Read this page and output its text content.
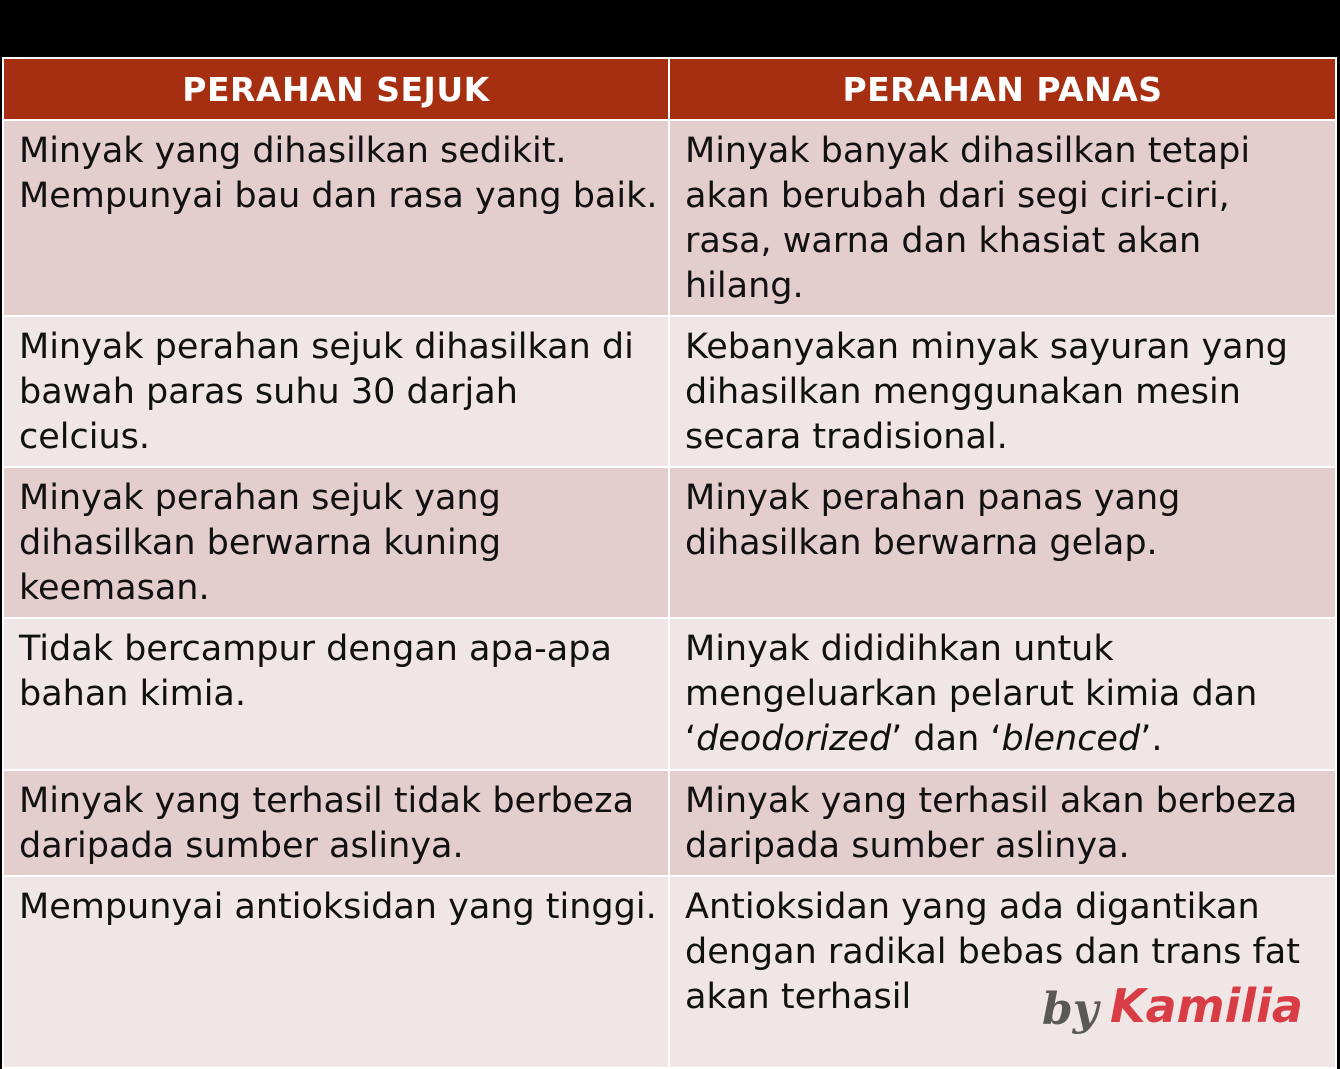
PERAHAN SEJUK	PERAHAN PANAS
Minyak yang dihasilkan sedikit. Mempunyai bau dan rasa yang baik.	Minyak banyak dihasilkan tetapi akan berubah dari segi ciri-ciri, rasa, warna dan khasiat akan hilang.
Minyak perahan sejuk dihasilkan di bawah paras suhu 30 darjah celcius.	Kebanyakan minyak sayuran yang dihasilkan menggunakan mesin secara tradisional.
Minyak perahan sejuk yang dihasilkan berwarna kuning keemasan.	Minyak perahan panas yang dihasilkan berwarna gelap.
Tidak bercampur dengan apa-apa bahan kimia.	Minyak dididihkan untuk mengeluarkan pelarut kimia dan ‘deodorized’ dan ‘blenced’.
Minyak yang terhasil tidak berbeza daripada sumber aslinya.	Minyak yang terhasil akan berbeza daripada sumber aslinya.
Mempunyai antioksidan yang tinggi.	Antioksidan yang ada digantikan dengan radikal bebas dan trans fat akan terhasil	by Kamilia
